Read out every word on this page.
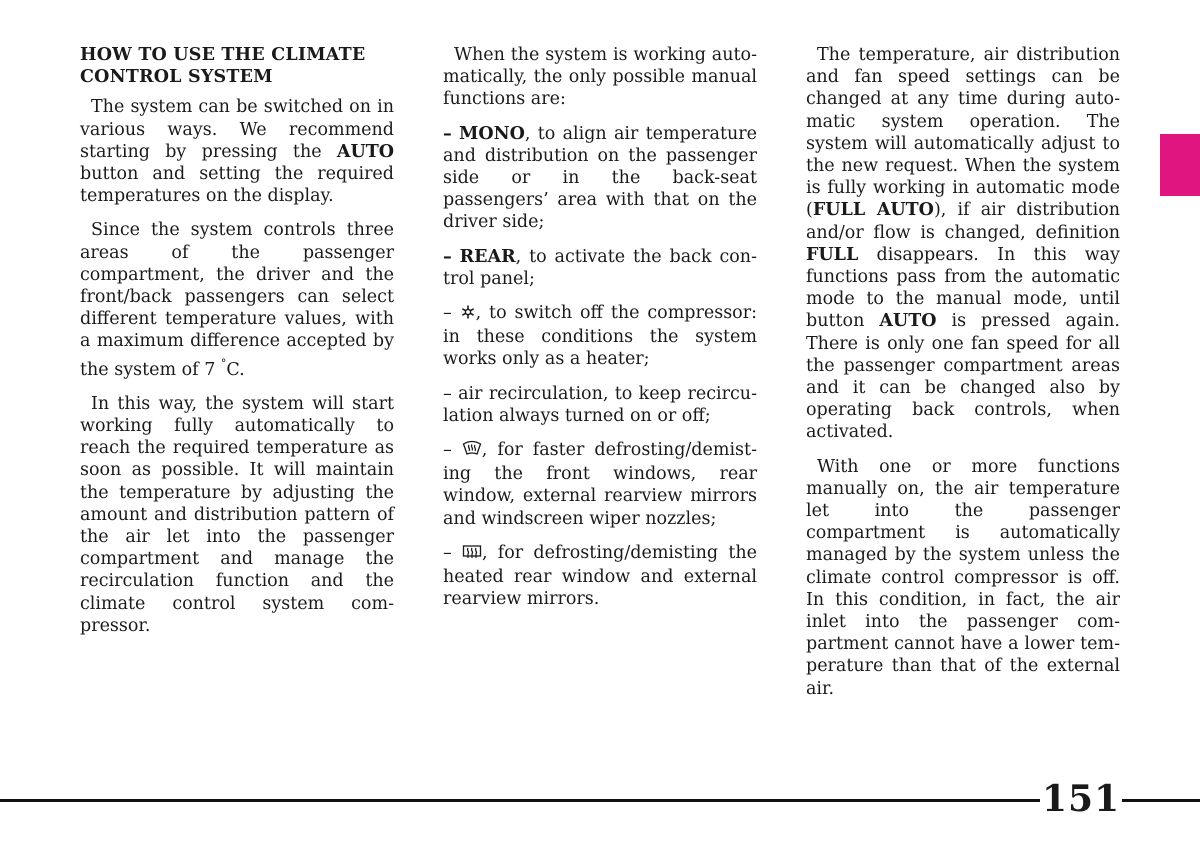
HOW TO USE THE CLIMATE CONTROL SYSTEM

The system can be switched on in various ways. We recommend starting by pressing the AUTO button and setting the required temperatures on the display.

Since the system controls three areas of the passenger compartment, the driver and the front/back passengers can select different temperature values, with a maximum difference accepted by the system of 7 °C.

In this way, the system will start working fully automatically to reach the required temperature as soon as possible. It will maintain the temperature by adjusting the amount and distribution pattern of the air let into the passenger compartment and manage the recirculation function and the climate control system compressor.

When the system is working automatically, the only possible manual functions are:

– MONO, to align air temperature and distribution on the passenger side or in the back-seat passengers’ area with that on the driver side;

– REAR, to activate the back control panel;

– , to switch off the compressor: in these conditions the system works only as a heater;

– air recirculation, to keep recirculation always turned on or off;

– , for faster defrosting/demisting the front windows, rear window, external rearview mirrors and windscreen wiper nozzles;

– , for defrosting/demisting the heated rear window and external rearview mirrors.

The temperature, air distribution and fan speed settings can be changed at any time during automatic system operation. The system will automatically adjust to the new request. When the system is fully working in automatic mode (FULL AUTO), if air distribution and/or flow is changed, definition FULL disappears. In this way functions pass from the automatic mode to the manual mode, until button AUTO is pressed again. There is only one fan speed for all the passenger compartment areas and it can be changed also by operating back controls, when activated.

With one or more functions manually on, the air temperature let into the passenger compartment is automatically managed by the system unless the climate control compressor is off. In this condition, in fact, the air inlet into the passenger compartment cannot have a lower temperature than that of the external air.

151
